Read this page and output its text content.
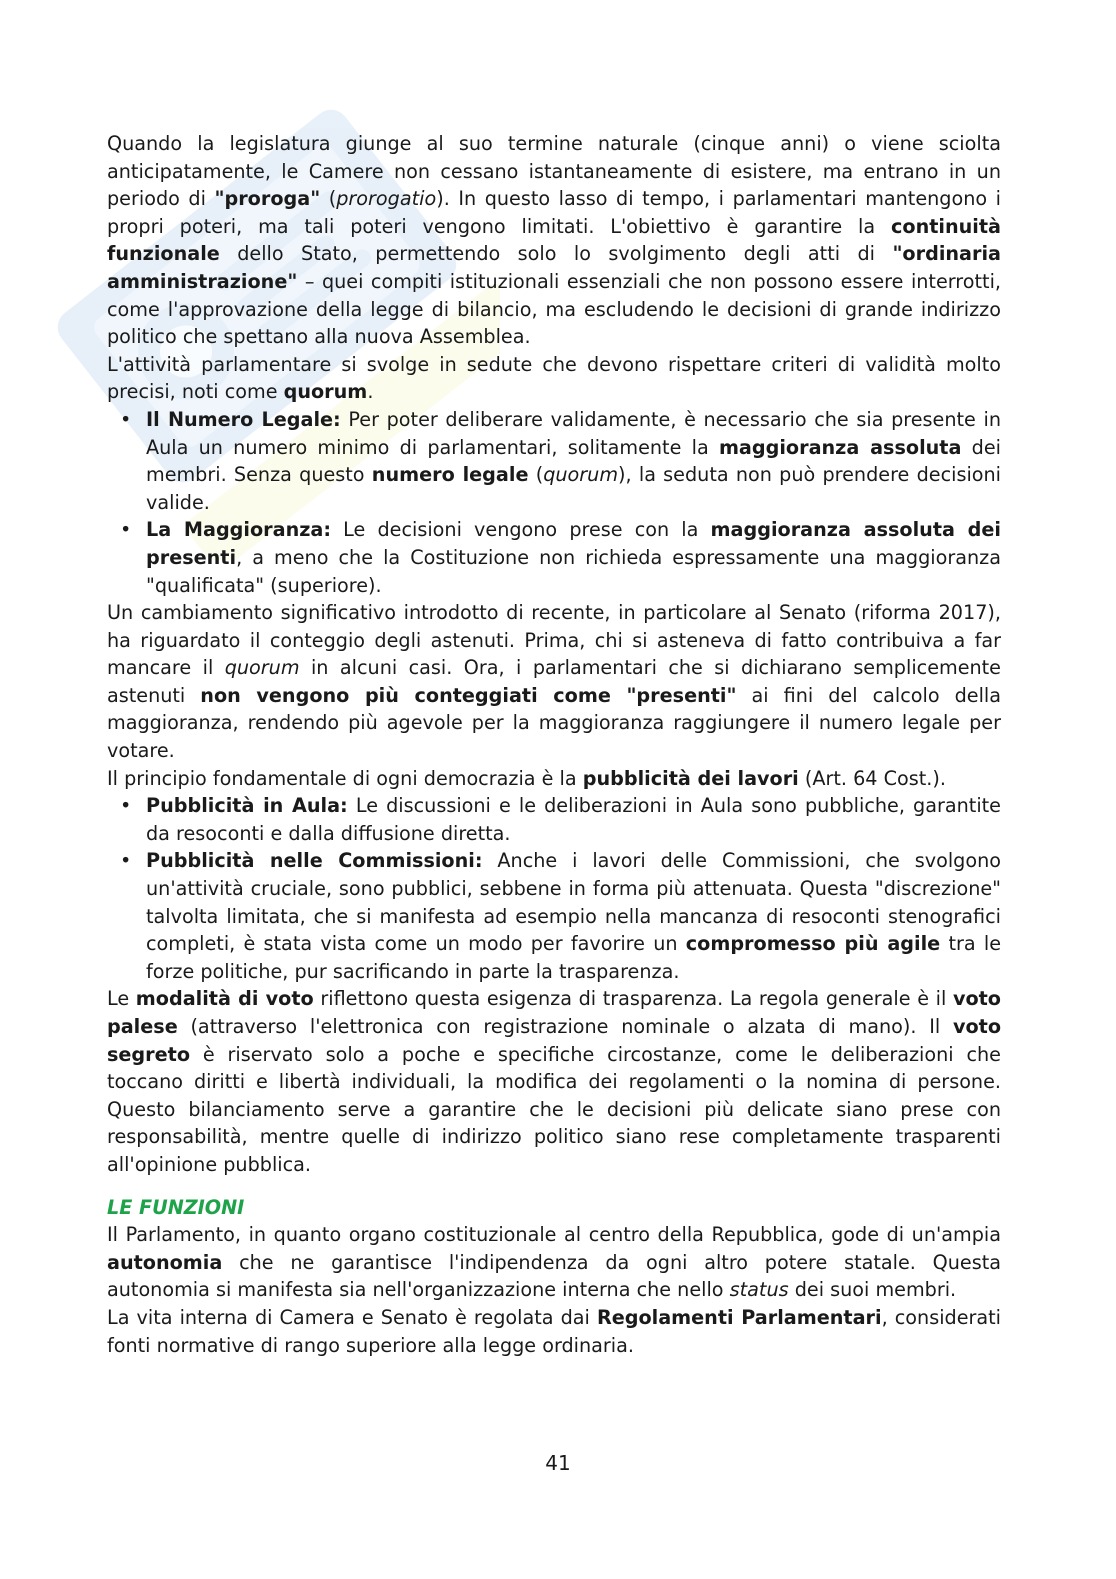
Quando la legislatura giunge al suo termine naturale (cinque anni) o viene sciolta anticipatamente, le Camere non cessano istantaneamente di esistere, ma entrano in un periodo di "proroga" (prorogatio). In questo lasso di tempo, i parlamentari mantengono i propri poteri, ma tali poteri vengono limitati. L'obiettivo è garantire la continuità funzionale dello Stato, permettendo solo lo svolgimento degli atti di "ordinaria amministrazione" – quei compiti istituzionali essenziali che non possono essere interrotti, come l'approvazione della legge di bilancio, ma escludendo le decisioni di grande indirizzo politico che spettano alla nuova Assemblea.

L'attività parlamentare si svolge in sedute che devono rispettare criteri di validità molto precisi, noti come quorum.

• Il Numero Legale: Per poter deliberare validamente, è necessario che sia presente in Aula un numero minimo di parlamentari, solitamente la maggioranza assoluta dei membri. Senza questo numero legale (quorum), la seduta non può prendere decisioni valide.
• La Maggioranza: Le decisioni vengono prese con la maggioranza assoluta dei presenti, a meno che la Costituzione non richieda espressamente una maggioranza "qualificata" (superiore).

Un cambiamento significativo introdotto di recente, in particolare al Senato (riforma 2017), ha riguardato il conteggio degli astenuti. Prima, chi si asteneva di fatto contribuiva a far mancare il quorum in alcuni casi. Ora, i parlamentari che si dichiarano semplicemente astenuti non vengono più conteggiati come "presenti" ai fini del calcolo della maggioranza, rendendo più agevole per la maggioranza raggiungere il numero legale per votare.

Il principio fondamentale di ogni democrazia è la pubblicità dei lavori (Art. 64 Cost.).

• Pubblicità in Aula: Le discussioni e le deliberazioni in Aula sono pubbliche, garantite da resoconti e dalla diffusione diretta.
• Pubblicità nelle Commissioni: Anche i lavori delle Commissioni, che svolgono un'attività cruciale, sono pubblici, sebbene in forma più attenuata. Questa "discrezione" talvolta limitata, che si manifesta ad esempio nella mancanza di resoconti stenografici completi, è stata vista come un modo per favorire un compromesso più agile tra le forze politiche, pur sacrificando in parte la trasparenza.

Le modalità di voto riflettono questa esigenza di trasparenza. La regola generale è il voto palese (attraverso l'elettronica con registrazione nominale o alzata di mano). Il voto segreto è riservato solo a poche e specifiche circostanze, come le deliberazioni che toccano diritti e libertà individuali, la modifica dei regolamenti o la nomina di persone. Questo bilanciamento serve a garantire che le decisioni più delicate siano prese con responsabilità, mentre quelle di indirizzo politico siano rese completamente trasparenti all'opinione pubblica.

LE FUNZIONI

Il Parlamento, in quanto organo costituzionale al centro della Repubblica, gode di un'ampia autonomia che ne garantisce l'indipendenza da ogni altro potere statale. Questa autonomia si manifesta sia nell'organizzazione interna che nello status dei suoi membri.

La vita interna di Camera e Senato è regolata dai Regolamenti Parlamentari, considerati fonti normative di rango superiore alla legge ordinaria.

41
